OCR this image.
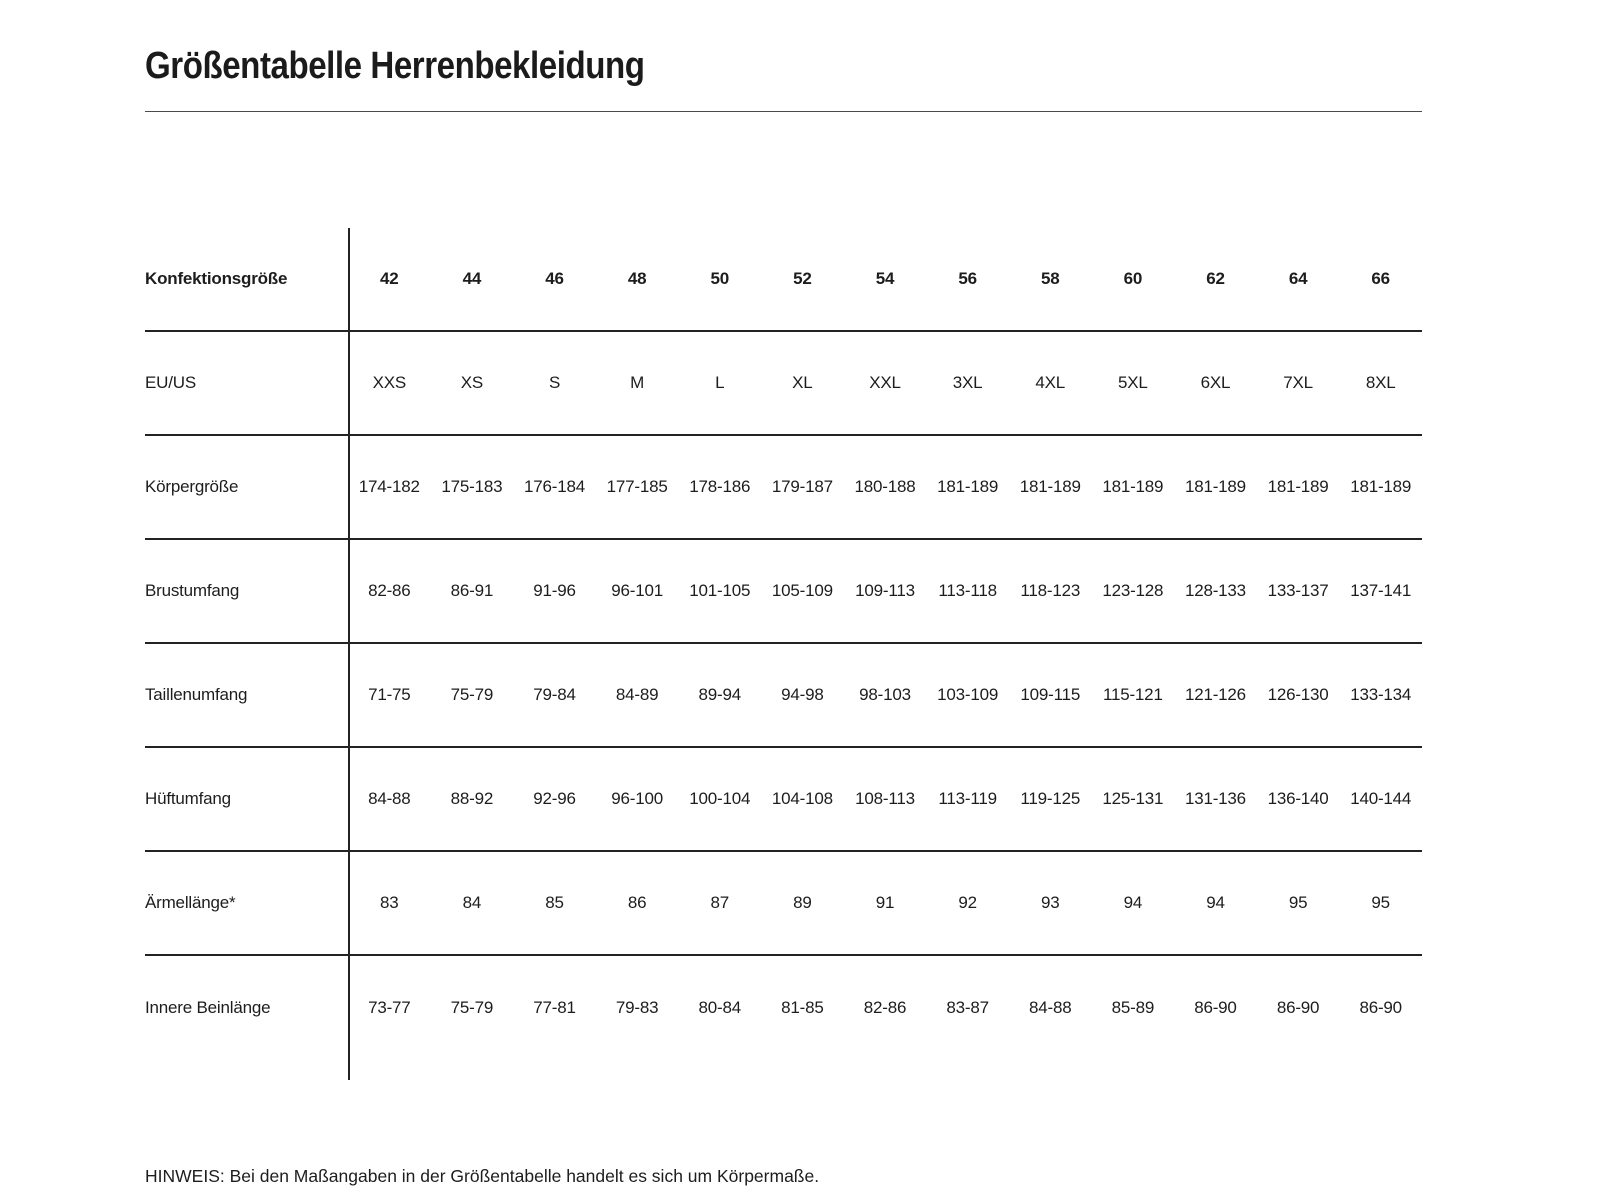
Größentabelle Herrenbekleidung
Konfektionsgröße	42	44	46	48	50	52	54	56	58	60	62	64	66
EU/US	XXS	XS	S	M	L	XL	XXL	3XL	4XL	5XL	6XL	7XL	8XL
Körpergröße	174-182	175-183	176-184	177-185	178-186	179-187	180-188	181-189	181-189	181-189	181-189	181-189	181-189
Brustumfang	82-86	86-91	91-96	96-101	101-105	105-109	109-113	113-118	118-123	123-128	128-133	133-137	137-141
Taillenumfang	71-75	75-79	79-84	84-89	89-94	94-98	98-103	103-109	109-115	115-121	121-126	126-130	133-134
Hüftumfang	84-88	88-92	92-96	96-100	100-104	104-108	108-113	113-119	119-125	125-131	131-136	136-140	140-144
Ärmellänge*	83	84	85	86	87	89	91	92	93	94	94	95	95
Innere Beinlänge	73-77	75-79	77-81	79-83	80-84	81-85	82-86	83-87	84-88	85-89	86-90	86-90	86-90

HINWEIS: Bei den Maßangaben in der Größentabelle handelt es sich um Körpermaße.
